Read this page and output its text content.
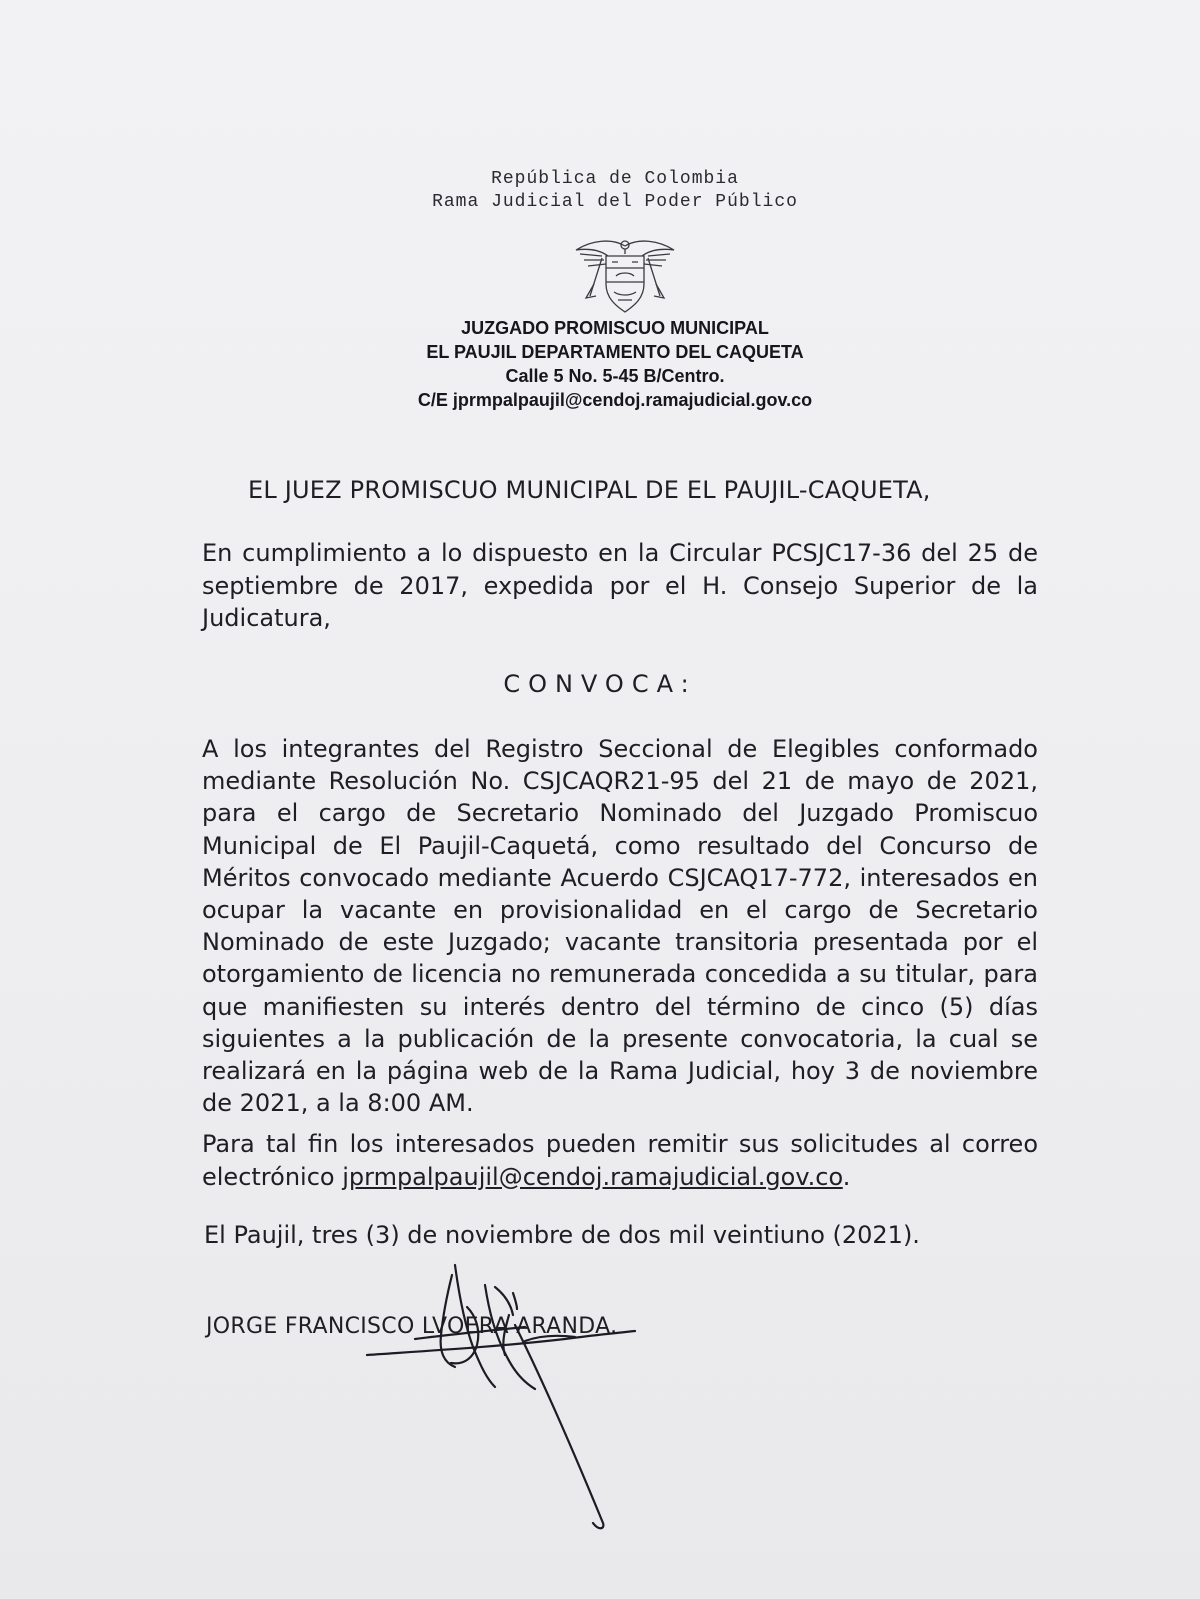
República de Colombia
Rama Judicial del Poder Público
JUZGADO PROMISCUO MUNICIPAL
EL PAUJIL DEPARTAMENTO DEL CAQUETA
Calle 5 No. 5-45 B/Centro.
C/E jprmpalpaujil@cendoj.ramajudicial.gov.co
EL JUEZ PROMISCUO MUNICIPAL DE EL PAUJIL-CAQUETA,

En cumplimiento a lo dispuesto en la Circular PCSJC17-36 del 25 de septiembre de 2017, expedida por el H. Consejo Superior de la Judicatura,

CONVOCA:

A los integrantes del Registro Seccional de Elegibles conformado mediante Resolución No. CSJCAQR21-95 del 21 de mayo de 2021, para el cargo de Secretario Nominado del Juzgado Promiscuo Municipal de El Paujil-Caquetá, como resultado del Concurso de Méritos convocado mediante Acuerdo CSJCAQ17-772, interesados en ocupar la vacante en provisionalidad en el cargo de Secretario Nominado de este Juzgado; vacante transitoria presentada por el otorgamiento de licencia no remunerada concedida a su titular, para que manifiesten su interés dentro del término de cinco (5) días siguientes a la publicación de la presente convocatoria, la cual se realizará en la página web de la Rama Judicial, hoy 3 de noviembre de 2021, a la 8:00 AM.

Para tal fin los interesados pueden remitir sus solicitudes al correo electrónico jprmpalpaujil@cendoj.ramajudicial.gov.co.

El Paujil, tres (3) de noviembre de dos mil veintiuno (2021).
JORGE FRANCISCO LVOERA ARANDA.
